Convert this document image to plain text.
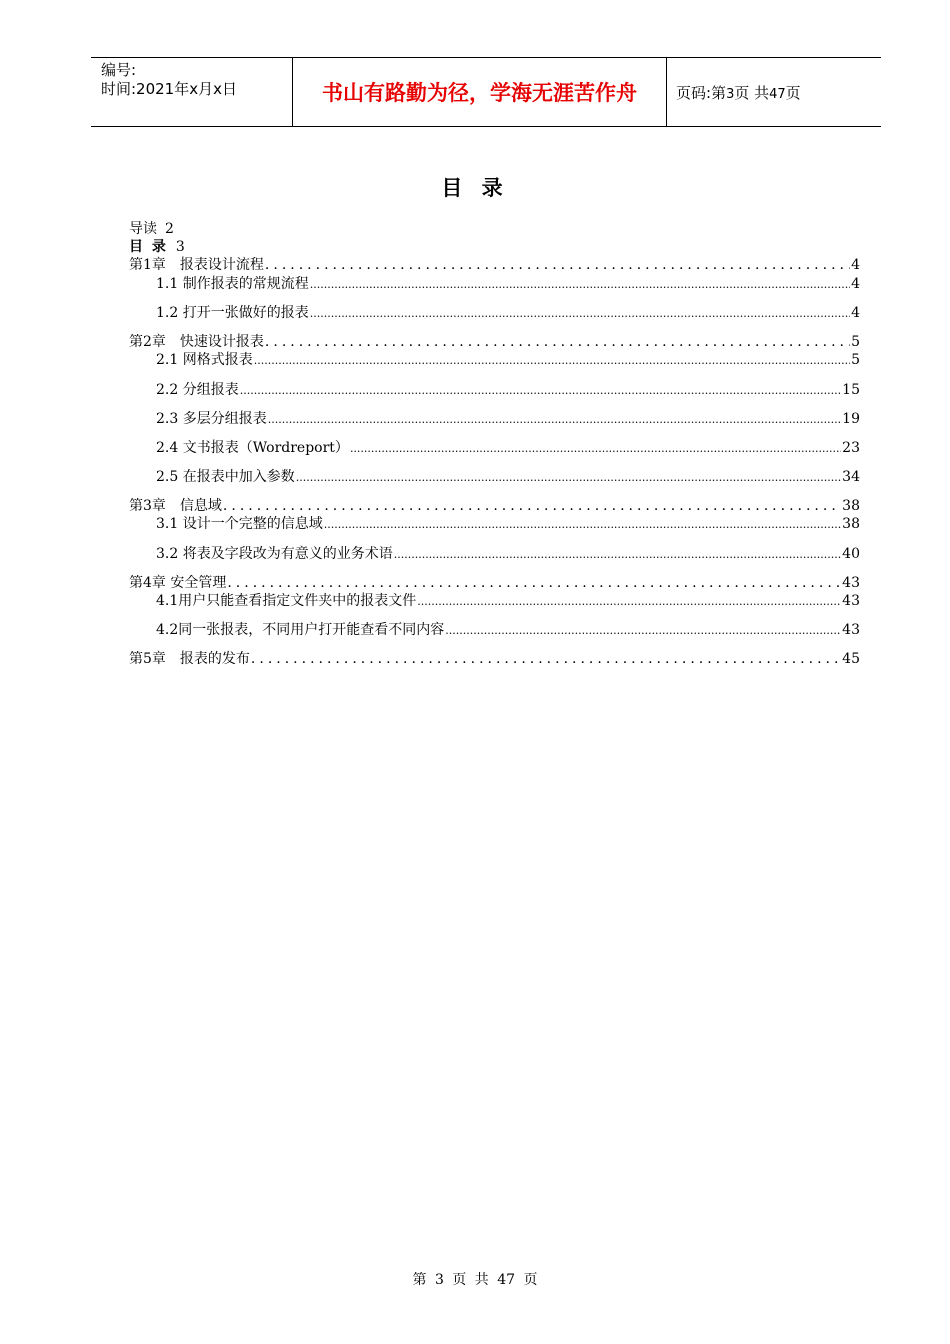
编号:
时间:2021年x月x日	书山有路勤为径，学海无涯苦作舟	页码:第3页 共47页
目 录
导读 2
目 录 3
第1章　报表设计流程 .....	4
1.1 制作报表的常规流程 .....	4
1.2 打开一张做好的报表 .....	4
第2章　快速设计报表 .....	5
2.1 网格式报表 .....	5
2.2 分组报表 .....	15
2.3 多层分组报表 .....	19
2.4 文书报表（Wordreport） .....	23
2.5 在报表中加入参数 .....	34
第3章　信息域 .....	38
3.1 设计一个完整的信息域 .....	38
3.2 将表及字段改为有意义的业务术语 .....	40
第4章 安全管理 .....	43
4.1用户只能查看指定文件夹中的报表文件 .....	43
4.2同一张报表，不同用户打开能查看不同内容 .....	43
第5章　报表的发布 .....	45
第 3 页 共 47 页
